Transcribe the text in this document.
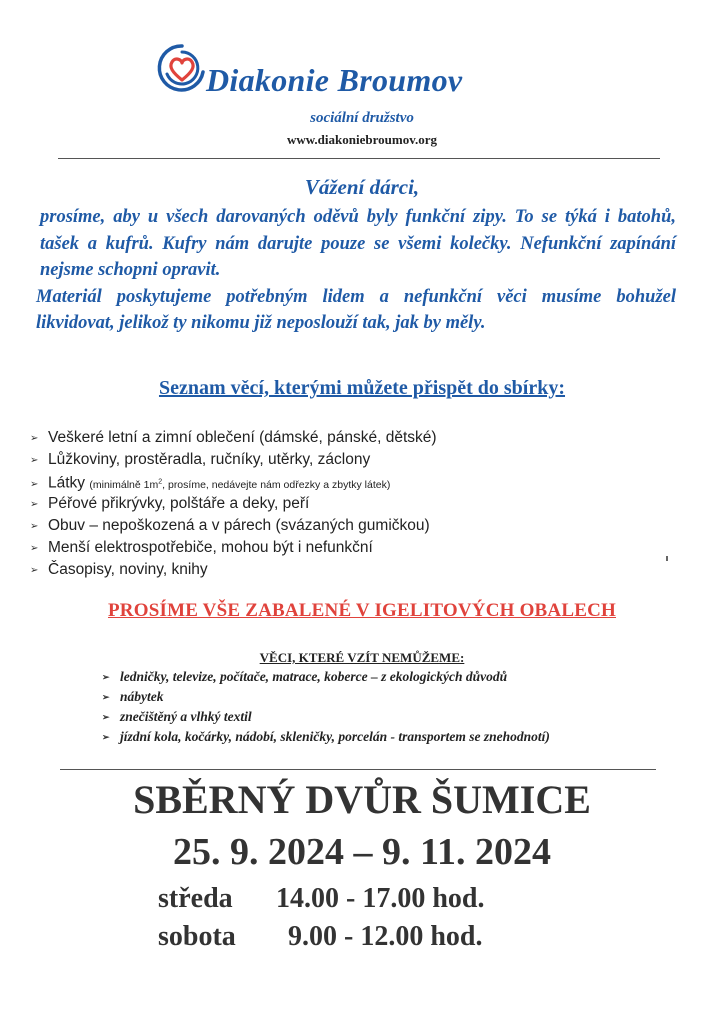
Diakonie Broumov
sociální družstvo
www.diakoniebroumov.org
Vážení dárci,

prosíme, aby u všech darovaných oděvů byly funkční zipy. To se týká i batohů, tašek a kufrů. Kufry nám darujte pouze se všemi kolečky. Nefunkční zapínání nejsme schopni opravit.

Materiál poskytujeme potřebným lidem a nefunkční věci musíme bohužel likvidovat, jelikož ty nikomu již neposlouží tak, jak by měly.

Seznam věcí, kterými můžete přispět do sbírky:
➢ Veškeré letní a zimní oblečení (dámské, pánské, dětské)
➢ Lůžkoviny, prostěradla, ručníky, utěrky, záclony
➢ Látky (minimálně $1m^2$, prosíme, nedávejte nám odřezky a zbytky látek)
➢ Péřové přikrývky, polštáře a deky, peří
➢ Obuv – nepoškozená a v párech (svázaných gumičkou)
➢ Menší elektrospotřebiče, mohou být i nefunkční
➢ Časopisy, noviny, knihy
PROSÍME VŠE ZABALENÉ V IGELITOVÝCH OBALECH
VĚCI, KTERÉ VZÍT NEMŮŽEME:
➢ ledničky, televize, počítače, matrace, koberce – z ekologických důvodů
➢ nábytek
➢ znečištěný a vlhký textil
➢ jízdní kola, kočárky, nádobí, skleničky, porcelán - transportem se znehodnotí)
SBĚRNÝ DVŮR ŠUMICE
25. 9. 2024 – 9. 11. 2024
středa 14.00 - 17.00 hod.
sobota 9.00 - 12.00 hod.
